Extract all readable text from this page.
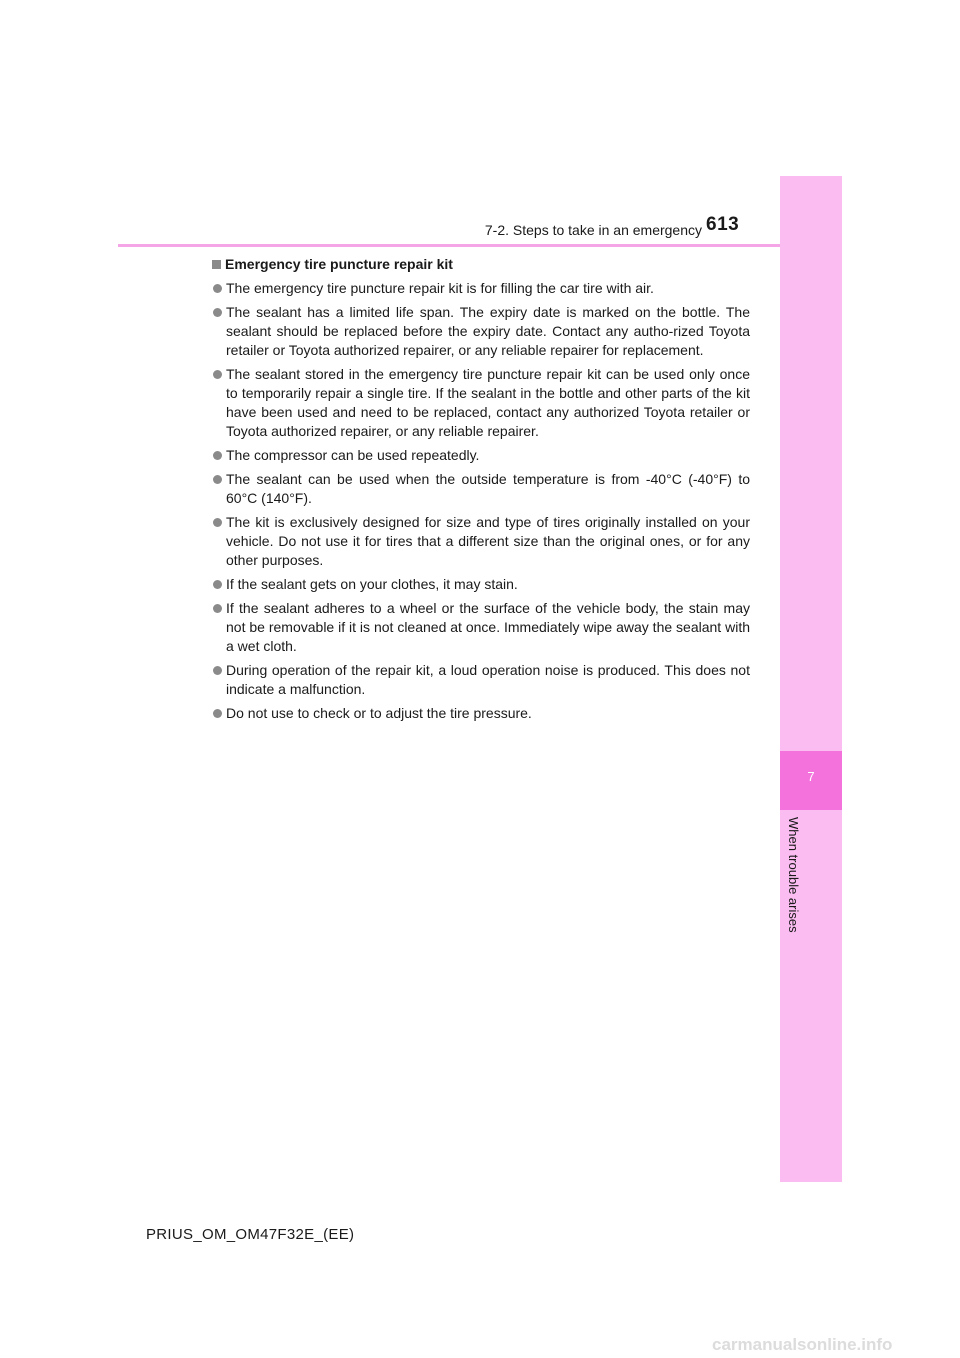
7-2. Steps to take in an emergency 613
7
When trouble arises
Emergency tire puncture repair kit
The emergency tire puncture repair kit is for filling the car tire with air.
The sealant has a limited life span. The expiry date is marked on the bottle. The sealant should be replaced before the expiry date. Contact any autho-rized Toyota retailer or Toyota authorized repairer, or any reliable repairer for replacement.
The sealant stored in the emergency tire puncture repair kit can be used only once to temporarily repair a single tire. If the sealant in the bottle and other parts of the kit have been used and need to be replaced, contact any authorized Toyota retailer or Toyota authorized repairer, or any reliable repairer.
The compressor can be used repeatedly.
The sealant can be used when the outside temperature is from -40°C (-40°F) to 60°C (140°F).
The kit is exclusively designed for size and type of tires originally installed on your vehicle. Do not use it for tires that a different size than the original ones, or for any other purposes.
If the sealant gets on your clothes, it may stain.
If the sealant adheres to a wheel or the surface of the vehicle body, the stain may not be removable if it is not cleaned at once. Immediately wipe away the sealant with a wet cloth.
During operation of the repair kit, a loud operation noise is produced. This does not indicate a malfunction.
Do not use to check or to adjust the tire pressure.
PRIUS_OM_OM47F32E_(EE)
carmanualsonline.info
